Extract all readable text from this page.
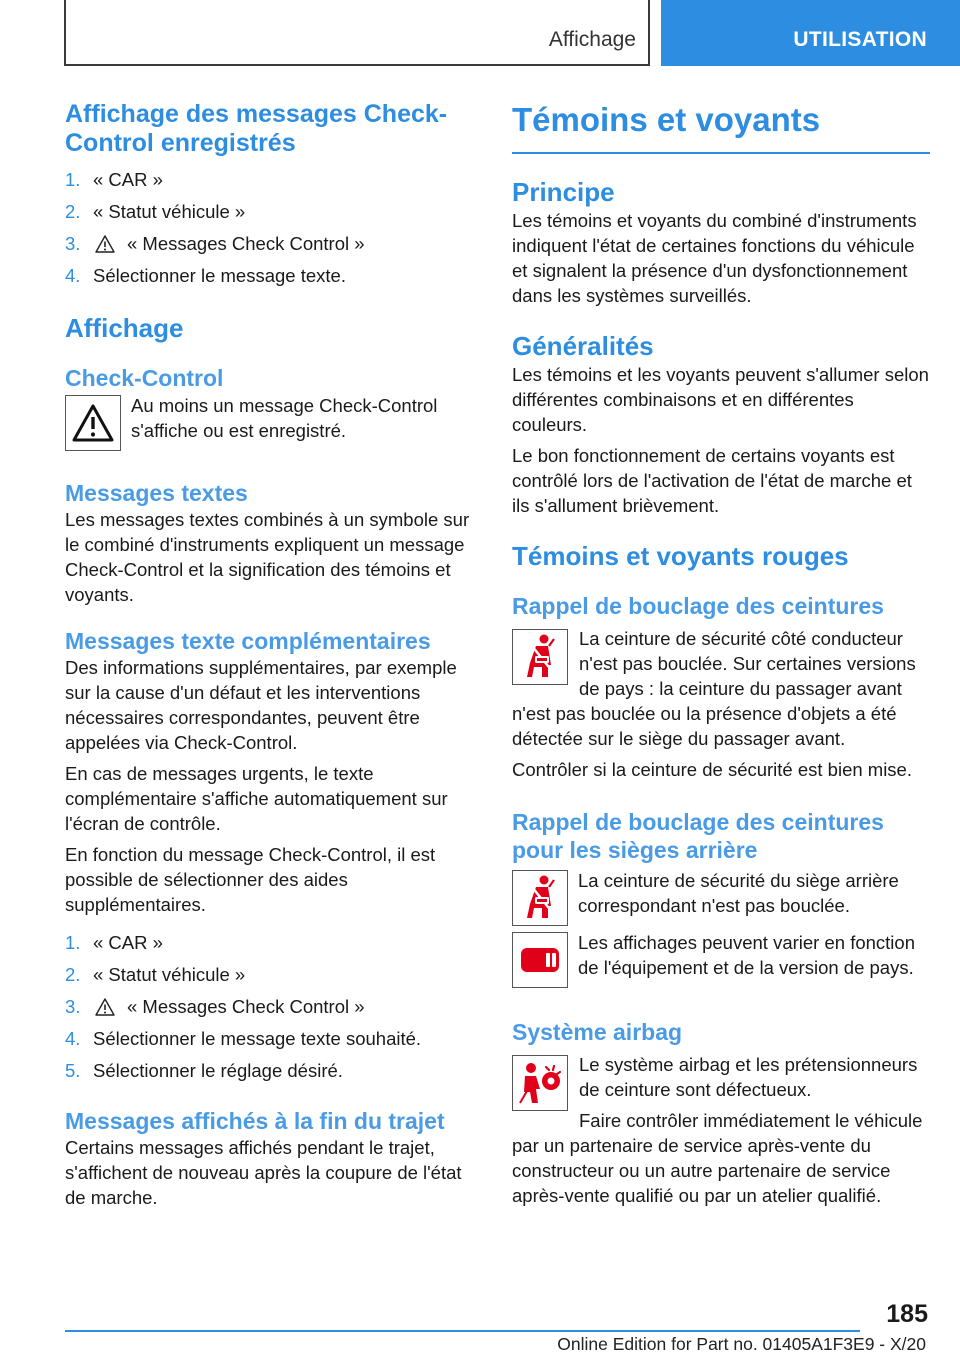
Affichage	UTILISATION
Affichage des messages Check-Control enregistrés
1. « CAR »
2. « Statut véhicule »
3.	« Messages Check Control »
4. Sélectionner le message texte.
Affichage
Check-Control

Au moins un message Check-Control s'affiche ou est enregistré.

Messages textes

Les messages textes combinés à un symbole sur le combiné d'instruments expliquent un message Check-Control et la signification des témoins et voyants.

Messages texte complémentaires

Des informations supplémentaires, par exemple sur la cause d'un défaut et les interventions nécessaires correspondantes, peuvent être appelées via Check-Control.

En cas de messages urgents, le texte complémentaire s'affiche automatiquement sur l'écran de contrôle.

En fonction du message Check-Control, il est possible de sélectionner des aides supplémentaires.

1. « CAR »
2. « Statut véhicule »
3.	« Messages Check Control »
4. Sélectionner le message texte souhaité.
5. Sélectionner le réglage désiré.
Messages affichés à la fin du trajet

Certains messages affichés pendant le trajet, s'affichent de nouveau après la coupure de l'état de marche.

Témoins et voyants
Principe

Les témoins et voyants du combiné d'instruments indiquent l'état de certaines fonctions du véhicule et signalent la présence d'un dysfonctionnement dans les systèmes surveillés.

Généralités

Les témoins et les voyants peuvent s'allumer selon différentes combinaisons et en différentes couleurs.

Le bon fonctionnement de certains voyants est contrôlé lors de l'activation de l'état de marche et ils s'allument brièvement.

Témoins et voyants rouges
Rappel de bouclage des ceintures

La ceinture de sécurité côté conducteur n'est pas bouclée. Sur certaines versions de pays : la ceinture du passager avant n'est pas bouclée ou la présence d'objets a été détectée sur le siège du passager avant.

Contrôler si la ceinture de sécurité est bien mise.

Rappel de bouclage des ceintures pour les sièges arrière

La ceinture de sécurité du siège arrière correspondant n'est pas bouclée.

Les affichages peuvent varier en fonction de l'équipement et de la version de pays.

Système airbag

Le système airbag et les prétensionneurs de ceinture sont défectueux.

Faire contrôler immédiatement le véhicule par un partenaire de service après-vente du constructeur ou un autre partenaire de service après-vente qualifié ou par un atelier qualifié.

185
Online Edition for Part no. 01405A1F3E9 - X/20
